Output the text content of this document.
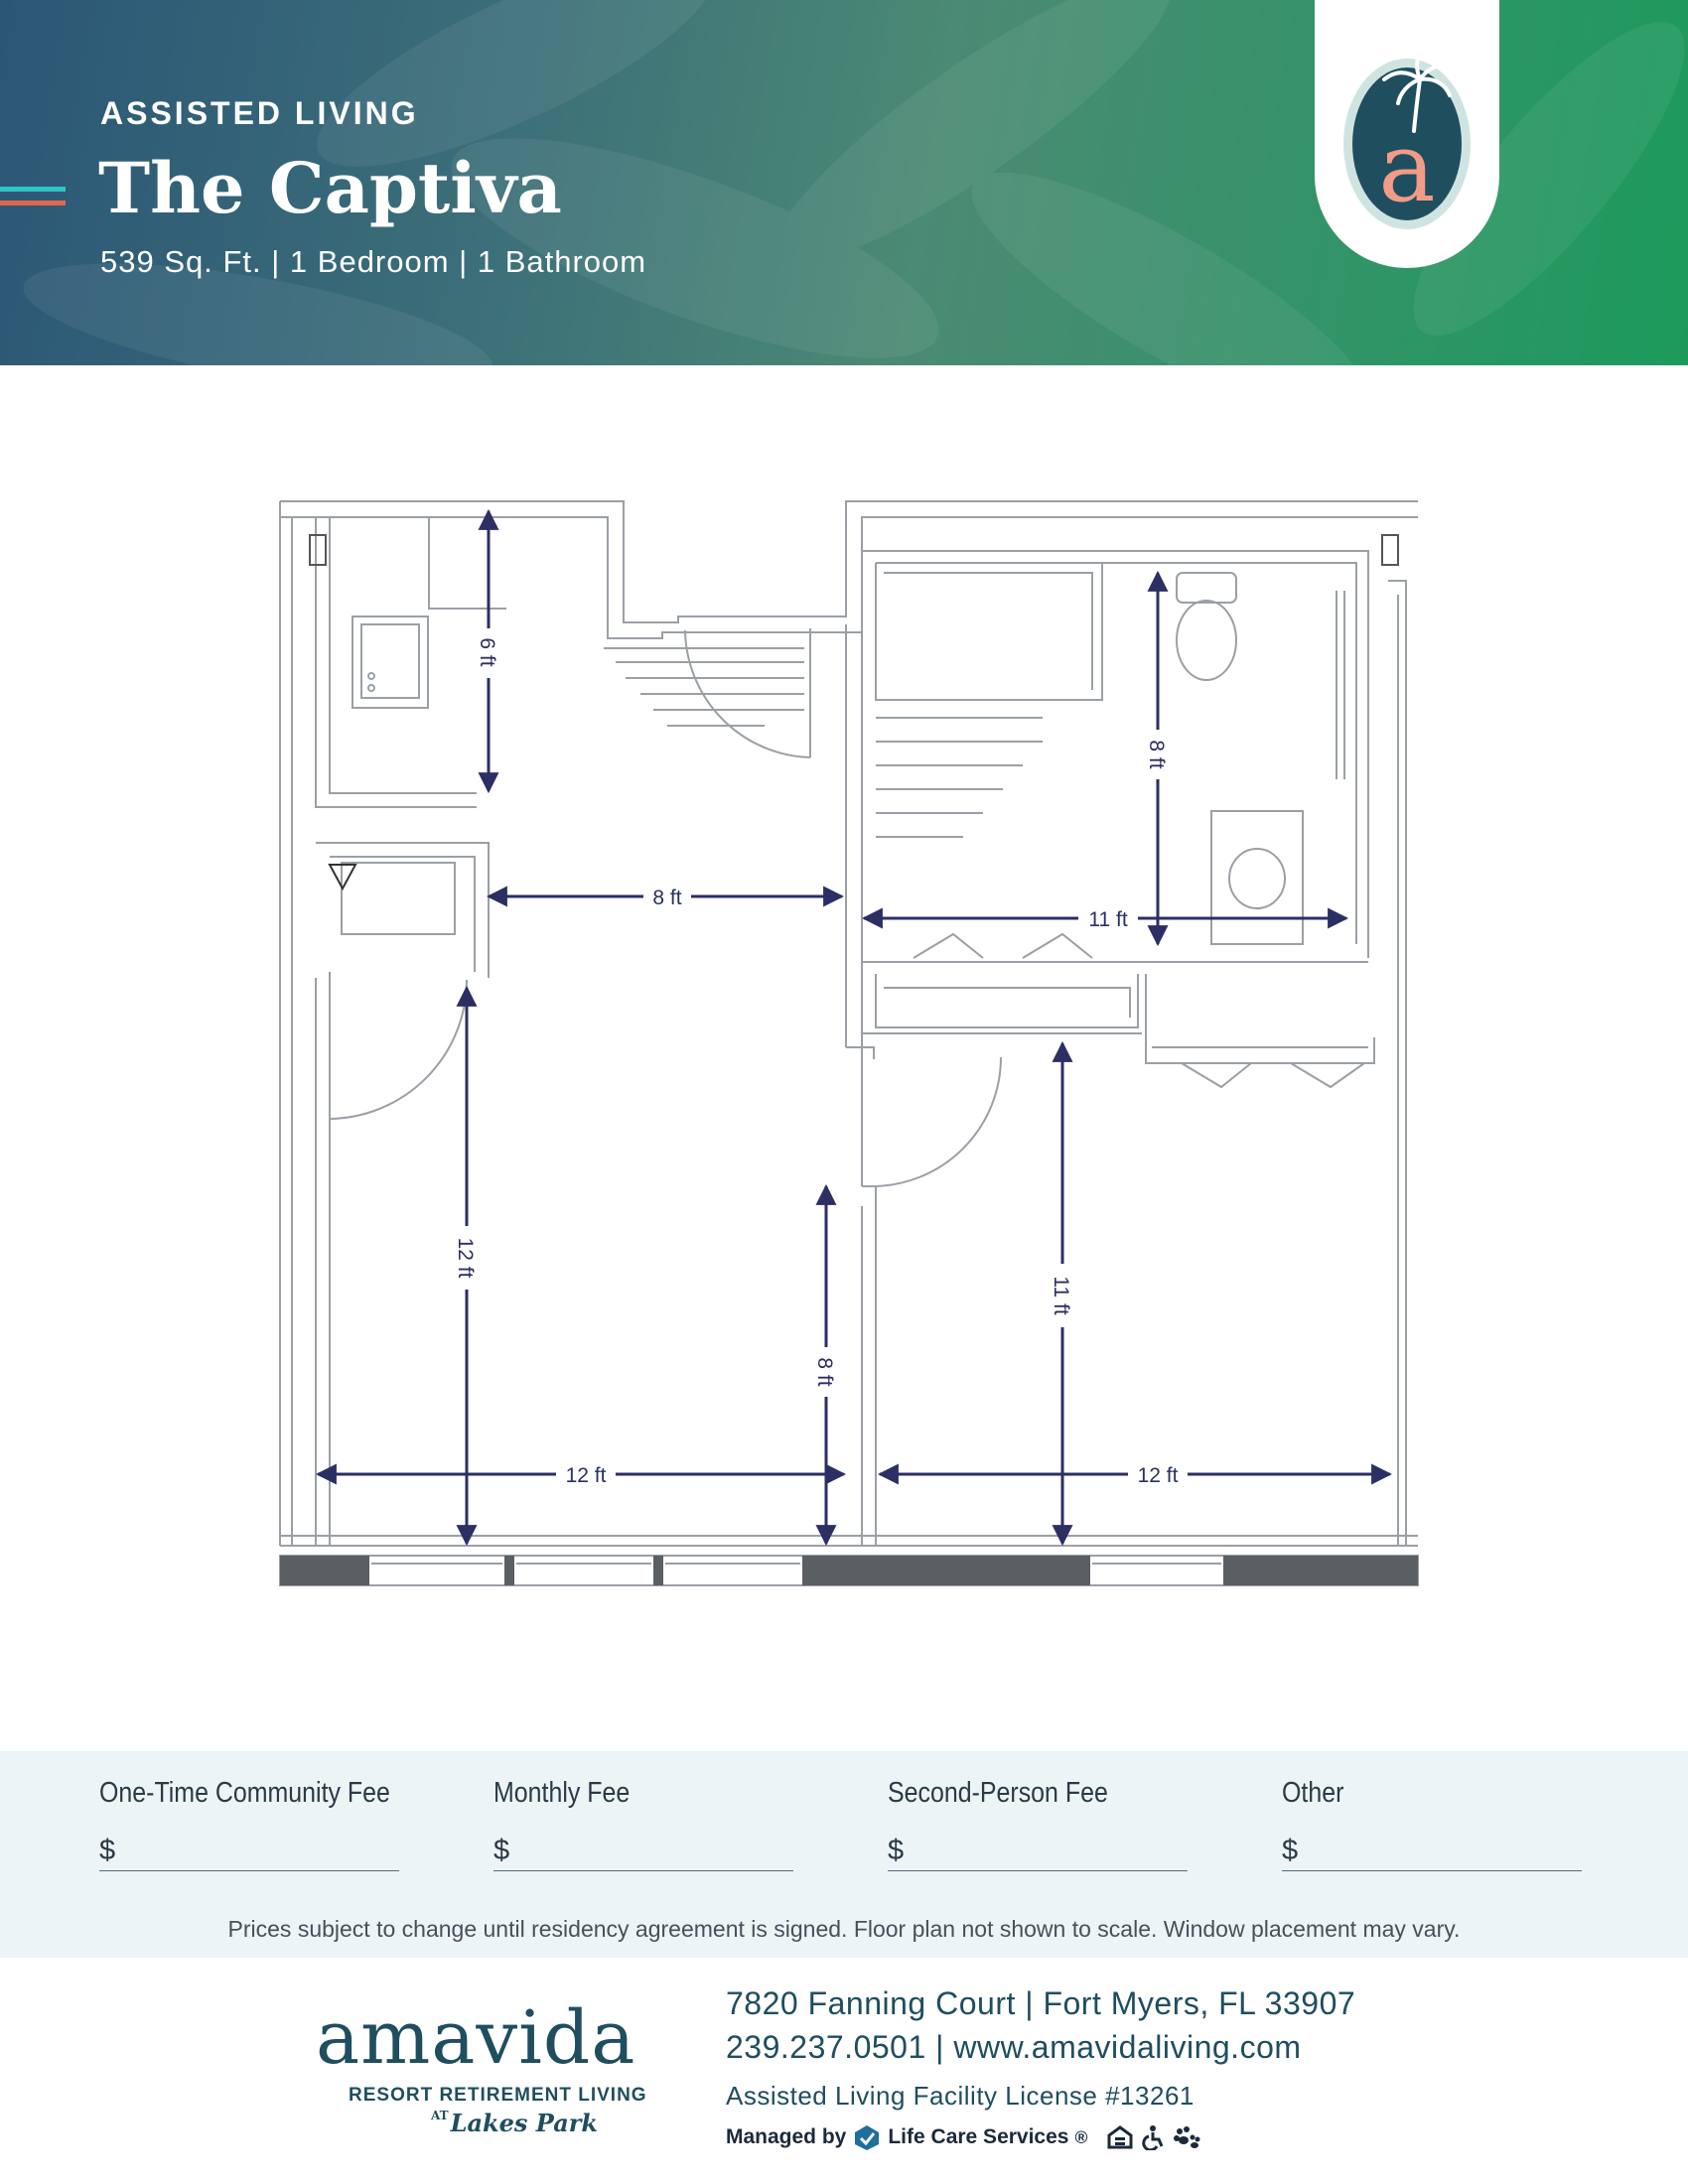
ASSISTED LIVING
The Captiva
539 Sq. Ft. | 1 Bedroom | 1 Bathroom
a
6 ft
8 ft
12 ft
12 ft
8 ft
11 ft
8 ft
11 ft
12 ft
One-Time Community Fee
$
Monthly Fee
$
Second-Person Fee
$
Other
$
Prices subject to change until residency agreement is signed. Floor plan not shown to scale. Window placement may vary.
amavida
RESORT RETIREMENT LIVING
$^{AT}$Lakes Park
7820 Fanning Court | Fort Myers, FL 33907
239.237.0501 | www.amavidaliving.com
Assisted Living Facility License #13261
Managed by Life Care Services ®
